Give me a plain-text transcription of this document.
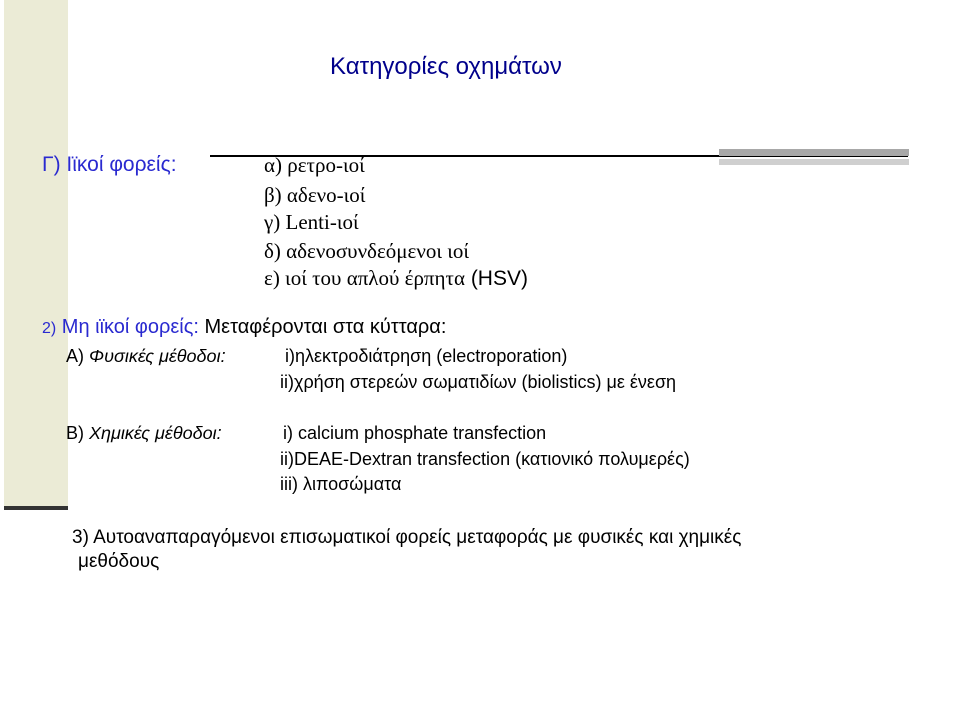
Κατηγορίες οχημάτων
Γ) Ιϊκοί φορείς:	α) ρετρο-ιοί
β) αδενο-ιοί
γ) Lenti-ιοί
δ) αδενοσυνδεόμενοι ιοί
ε) ιοί του απλού έρπητα (HSV)
2) Μη ιϊκοί φορείς: Μεταφέρονται στα κύτταρα:
Α) Φυσικές μέθοδοι:	i)ηλεκτροδιάτρηση (electroporation)
ii)χρήση στερεών σωματιδίων (biolistics) με ένεση
Β) Χημικές μέθοδοι:	i) calcium phosphate transfection
ii)DEAE-Dextran transfection (κατιονικό πολυμερές)
iii) λιποσώματα
3) Αυτοαναπαραγόμενοι επισωματικοί φορείς μεταφοράς με φυσικές και χημικές
μεθόδους
